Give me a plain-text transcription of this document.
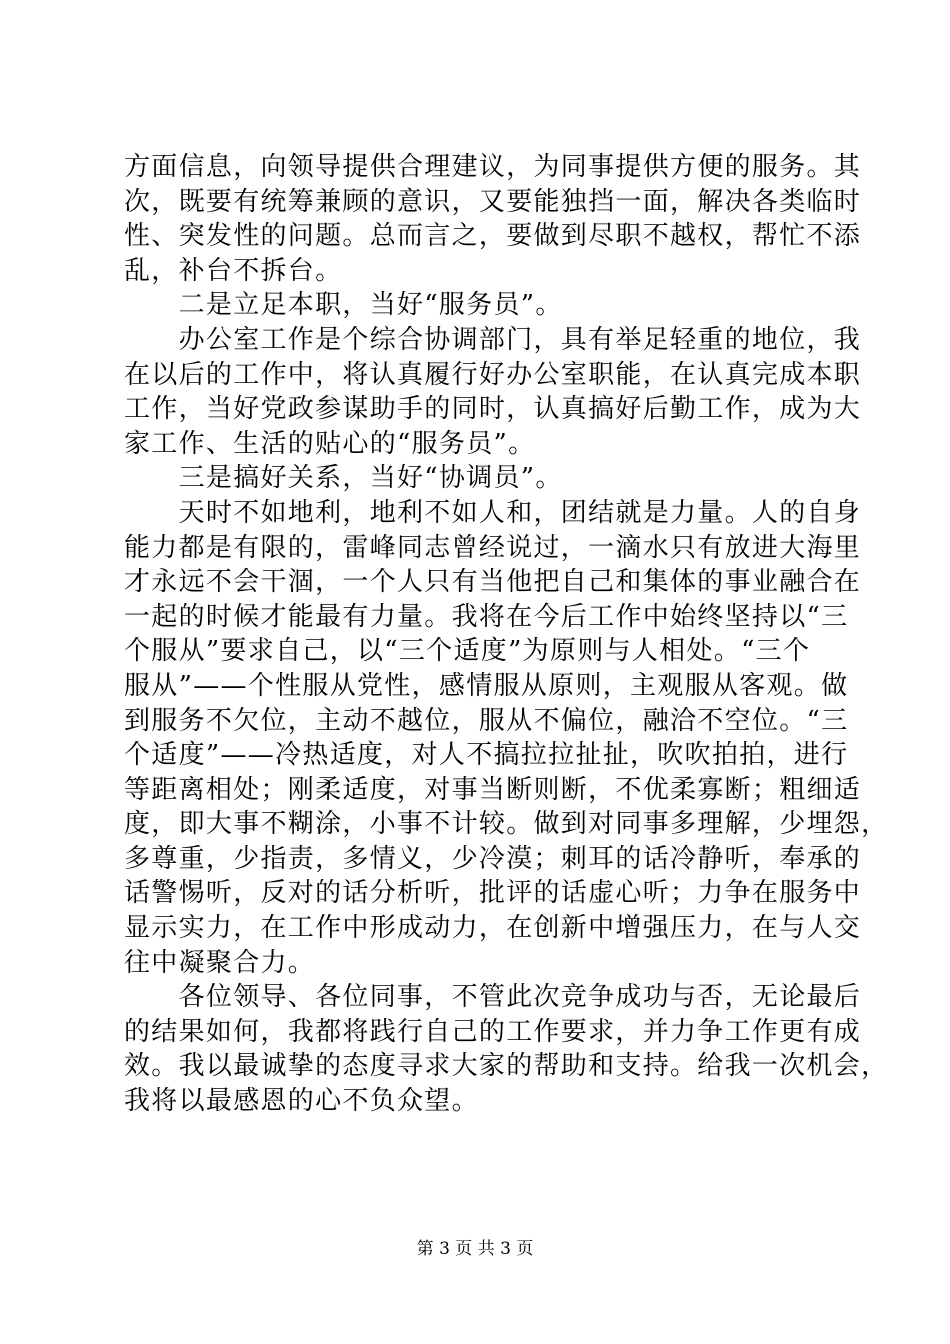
方面信息，向领导提供合理建议，为同事提供方便的服务。其
次，既要有统筹兼顾的意识，又要能独挡一面，解决各类临时
性、突发性的问题。总而言之，要做到尽职不越权，帮忙不添
乱，补台不拆台。
　　二是立足本职，当好“服务员”。
　　办公室工作是个综合协调部门，具有举足轻重的地位，我
在以后的工作中，将认真履行好办公室职能，在认真完成本职
工作，当好党政参谋助手的同时，认真搞好后勤工作，成为大
家工作、生活的贴心的“服务员”。
　　三是搞好关系，当好“协调员”。
　　天时不如地利，地利不如人和，团结就是力量。人的自身
能力都是有限的，雷峰同志曾经说过，一滴水只有放进大海里
才永远不会干涸，一个人只有当他把自己和集体的事业融合在
一起的时候才能最有力量。我将在今后工作中始终坚持以“三
个服从”要求自己，以“三个适度”为原则与人相处。“三个
服从”——个性服从党性，感情服从原则，主观服从客观。做
到服务不欠位，主动不越位，服从不偏位，融洽不空位。“三
个适度”——冷热适度，对人不搞拉拉扯扯，吹吹拍拍，进行
等距离相处；刚柔适度，对事当断则断，不优柔寡断；粗细适
度，即大事不糊涂，小事不计较。做到对同事多理解，少埋怨，
多尊重，少指责，多情义，少冷漠；刺耳的话冷静听，奉承的
话警惕听，反对的话分析听，批评的话虚心听；力争在服务中
显示实力，在工作中形成动力，在创新中增强压力，在与人交
往中凝聚合力。
　　各位领导、各位同事，不管此次竞争成功与否，无论最后
的结果如何，我都将践行自己的工作要求，并力争工作更有成
效。我以最诚挚的态度寻求大家的帮助和支持。给我一次机会，
我将以最感恩的心不负众望。
第 3 页 共 3 页
